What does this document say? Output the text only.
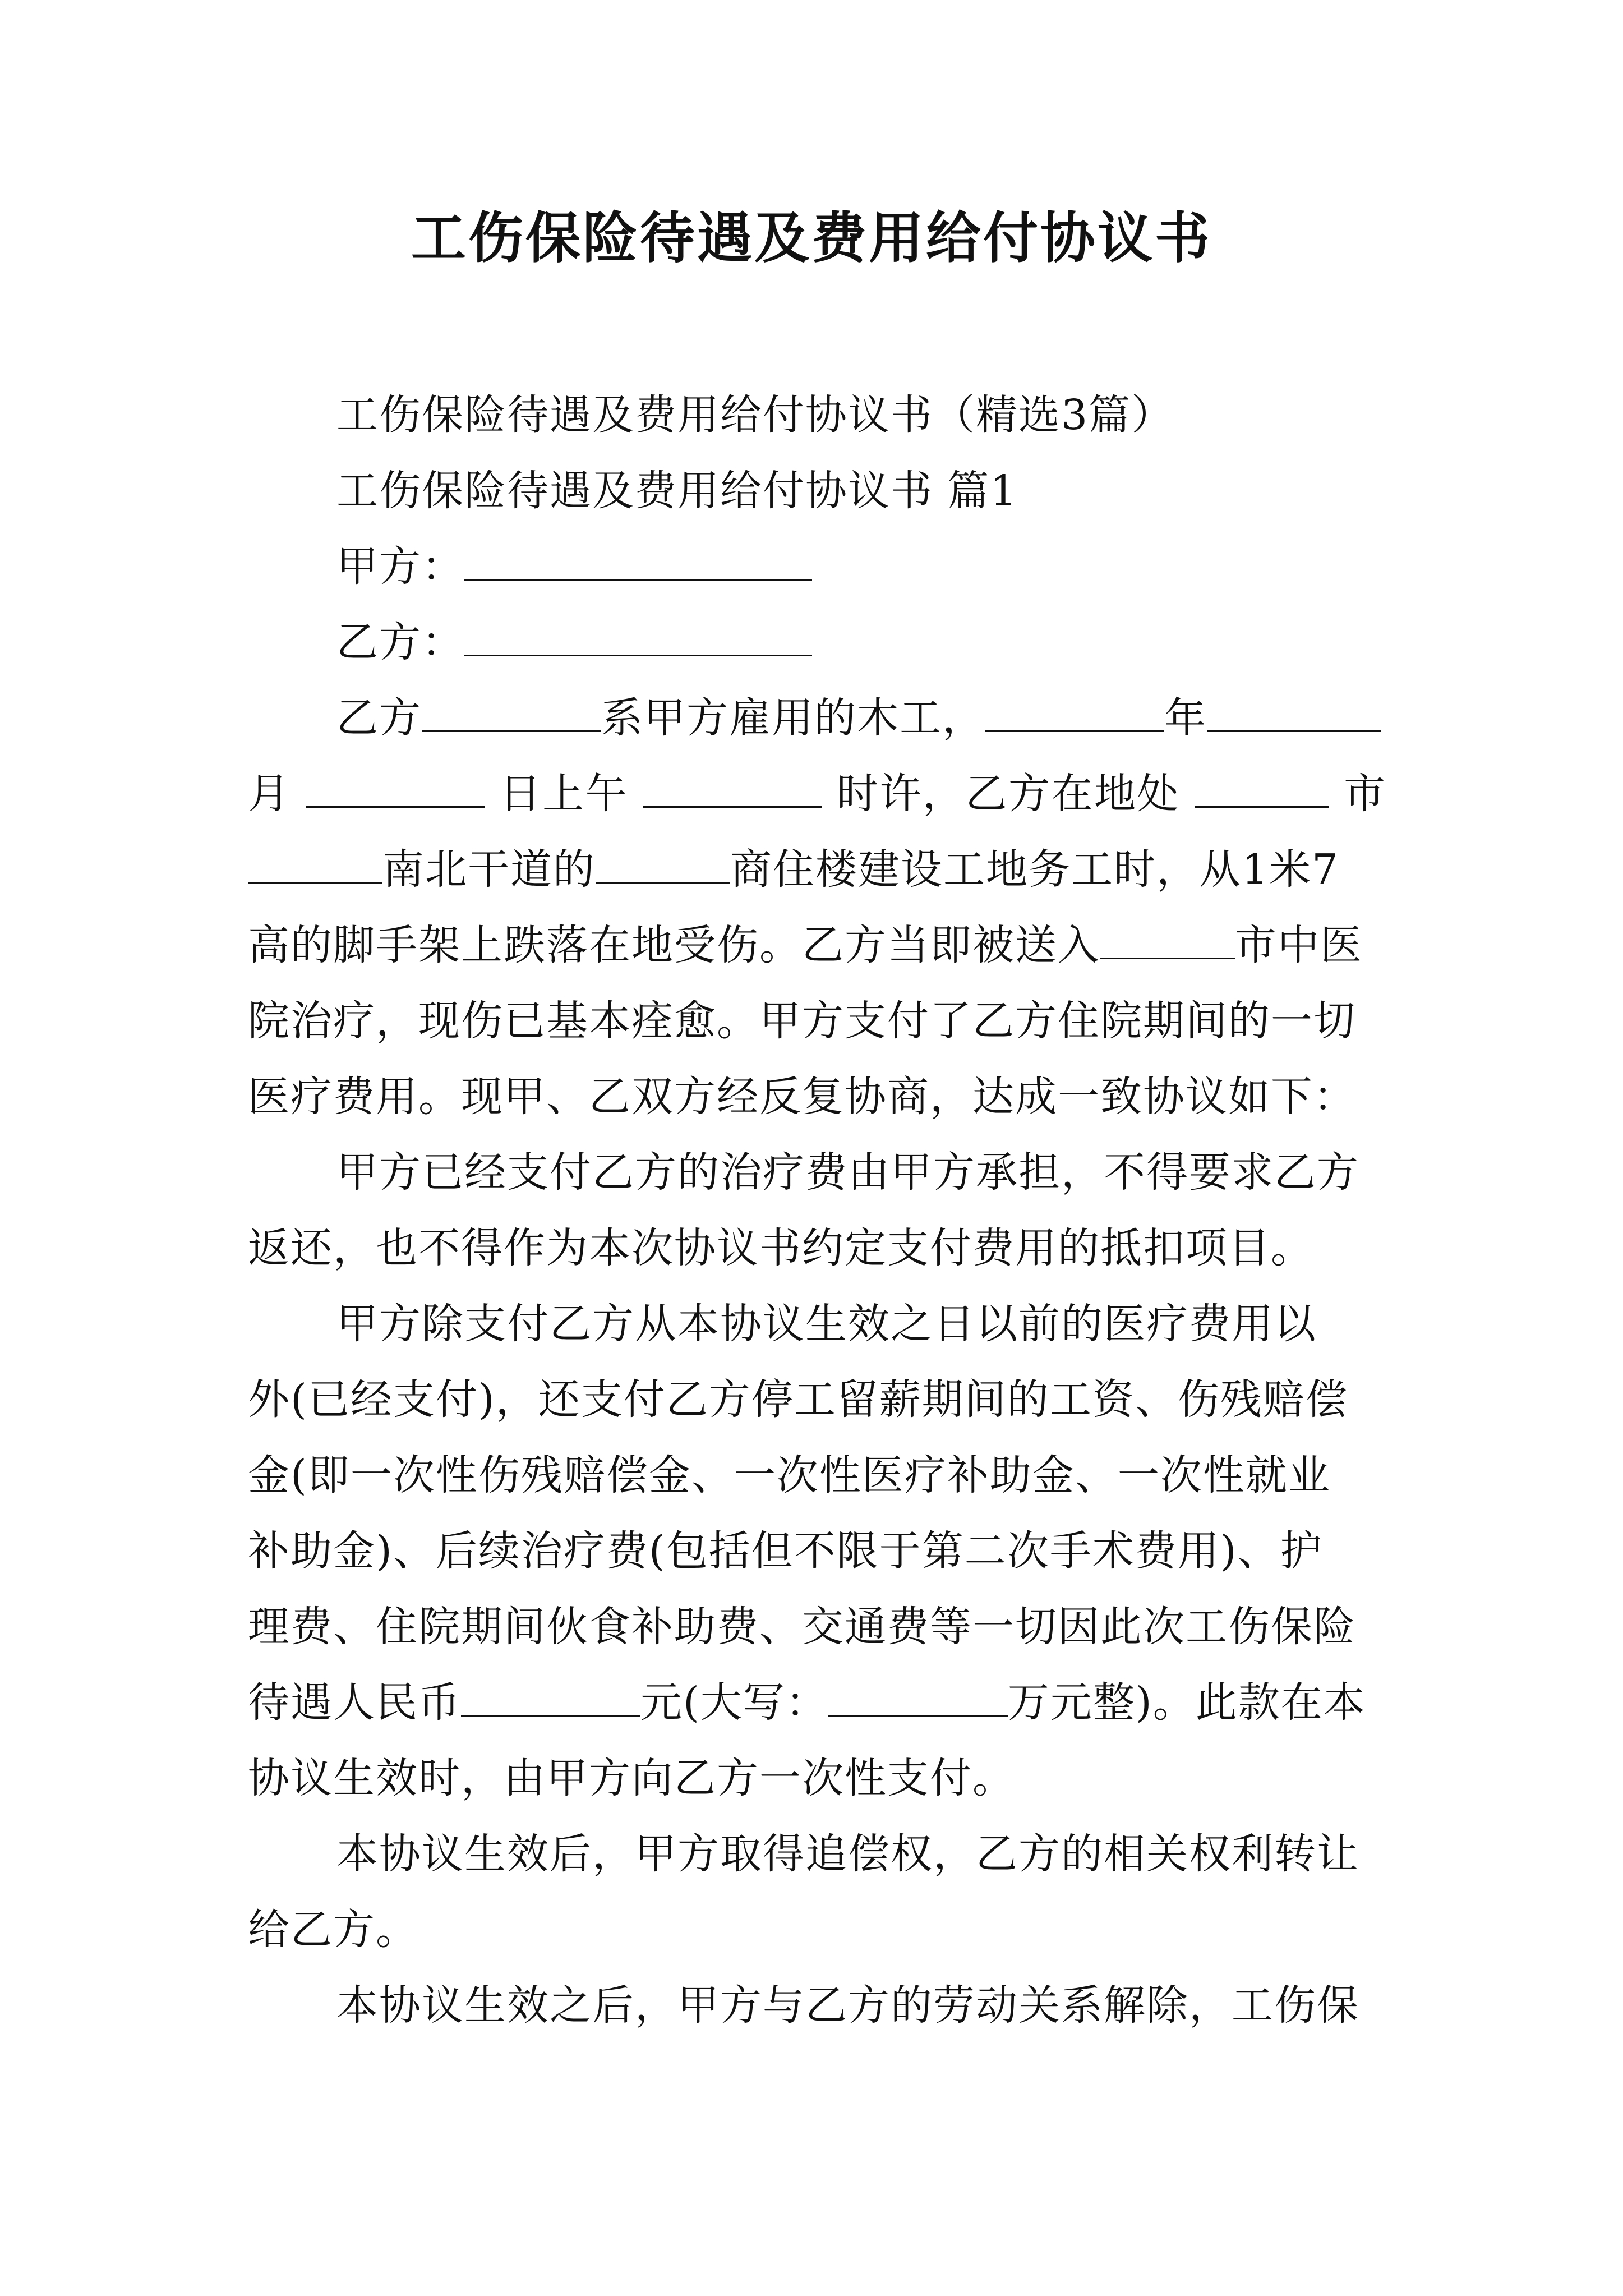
工伤保险待遇及费用给付协议书
工伤保险待遇及费用给付协议书（精选3篇）
工伤保险待遇及费用给付协议书 篇1
甲方：
乙方：
乙方	系甲方雇用的木工，	年
月	日上午	时许，乙方在地处	市
南北干道的	商住楼建设工地务工时，从1米7
高的脚手架上跌落在地受伤。乙方当即被送入	市中医
院治疗，现伤已基本痊愈。甲方支付了乙方住院期间的一切
医疗费用。现甲、乙双方经反复协商，达成一致协议如下：
甲方已经支付乙方的治疗费由甲方承担，不得要求乙方
返还，也不得作为本次协议书约定支付费用的抵扣项目。
甲方除支付乙方从本协议生效之日以前的医疗费用以
外(已经支付)，还支付乙方停工留薪期间的工资、伤残赔偿
金(即一次性伤残赔偿金、一次性医疗补助金、一次性就业
补助金)、后续治疗费(包括但不限于第二次手术费用)、护
理费、住院期间伙食补助费、交通费等一切因此次工伤保险
待遇人民币	元(大写：	万元整)。此款在本
协议生效时，由甲方向乙方一次性支付。
本协议生效后，甲方取得追偿权，乙方的相关权利转让
给乙方。
本协议生效之后，甲方与乙方的劳动关系解除，工伤保
